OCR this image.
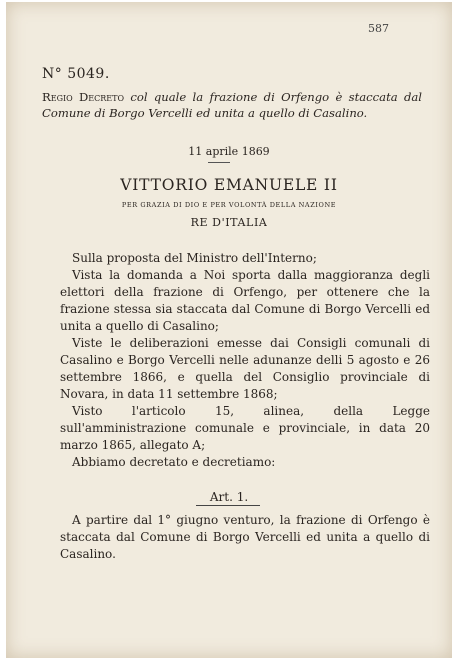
587
N° 5049.
Regio Decreto col quale la frazione di Orfengo è staccata dal Comune di Borgo Vercelli ed unita a quello di Casalino.
11 aprile 1869
VITTORIO EMANUELE II
PER GRAZIA DI DIO E PER VOLONTÀ DELLA NAZIONE
RE D'ITALIA

Sulla proposta del Ministro dell'Interno;

Vista la domanda a Noi sporta dalla maggioranza degli elettori della frazione di Orfengo, per ottenere che la frazione stessa sia staccata dal Comune di Borgo Vercelli ed unita a quello di Casalino;

Viste le deliberazioni emesse dai Consigli comunali di Casalino e Borgo Vercelli nelle adunanze delli 5 agosto e 26 settembre 1866, e quella del Consiglio provinciale di Novara, in data 11 settembre 1868;

Visto l'articolo 15, alinea, della Legge sull'amministrazione comunale e provinciale, in data 20 marzo 1865, allegato A;

Abbiamo decretato e decretiamo:

Art. 1.

A partire dal 1° giugno venturo, la frazione di Orfengo è staccata dal Comune di Borgo Vercelli ed unita a quello di Casalino.
